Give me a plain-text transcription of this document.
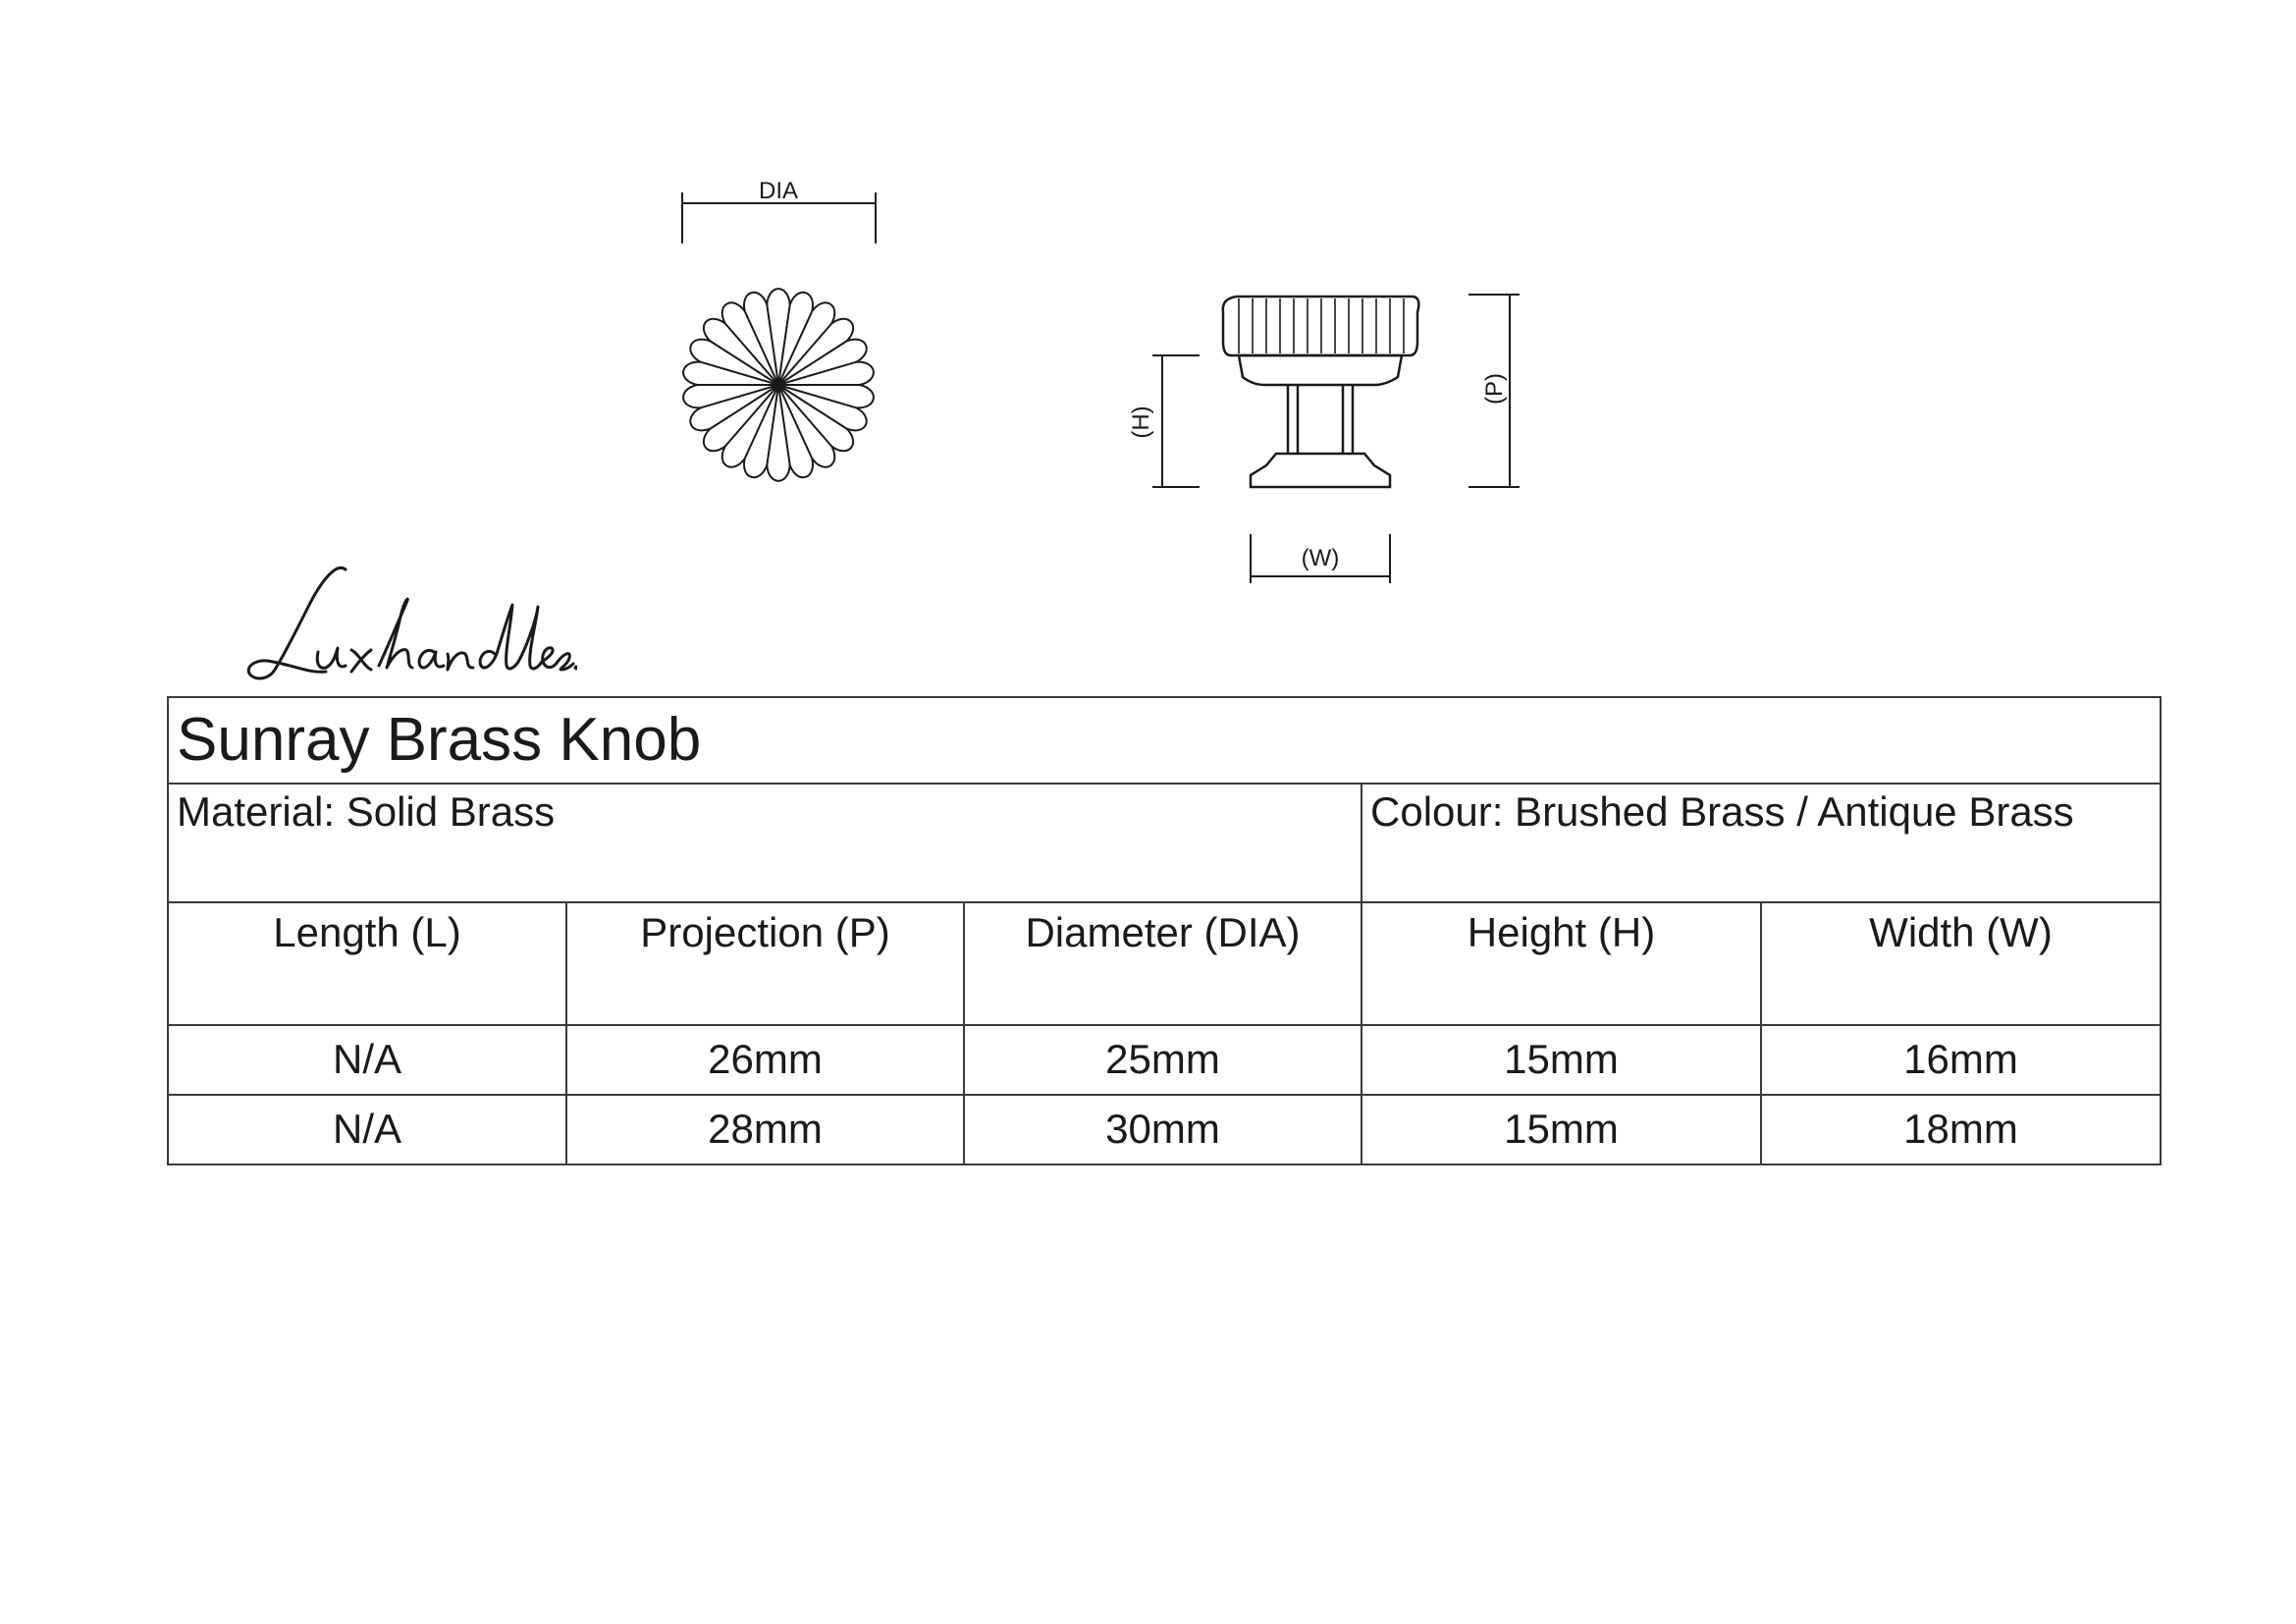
DIA
(H)
(P)
(W)
Sunray Brass Knob				
Material: Solid Brass			Colour: Brushed Brass / Antique Brass	
Length (L)	Projection (P)	Diameter (DIA)	Height (H)	Width (W)
N/A	26mm	25mm	15mm	16mm
N/A	28mm	30mm	15mm	18mm
